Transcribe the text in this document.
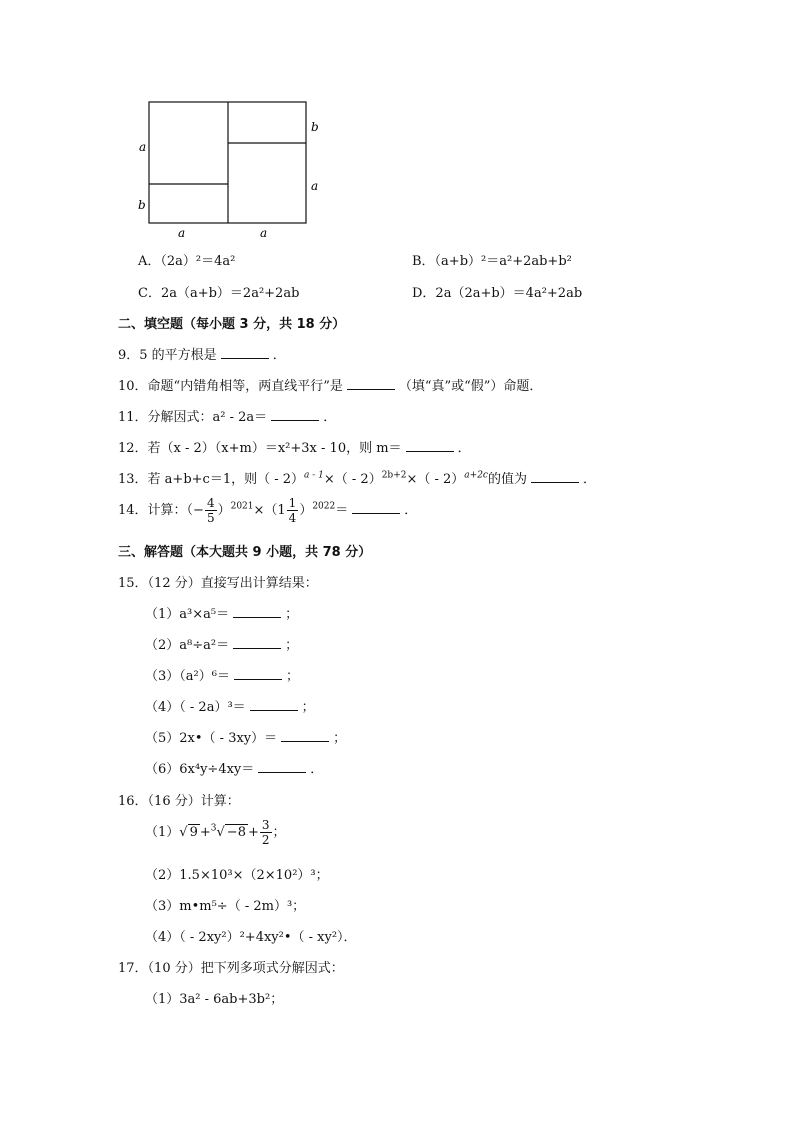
a
b
b
a
a	a
A．（2a）²＝4a²	B．（a+b）²＝a²+2ab+b²
C．2a（a+b）＝2a²+2ab	D．2a（2a+b）＝4a²+2ab
二、填空题（每小题 3 分，共 18 分）
9．5 的平方根是	．
10．命题“内错角相等，两直线平行”是	（填“真”或“假”）命题．
11．分解因式：a² - 2a＝	．
12．若（x - 2）（x+m）＝x²+3x - 10，则 m＝	．
13．若 a+b+c＝1，则（ - 2）$^{a - 1}$×（ - 2）$^{2b+2}$×（ - 2）$^{a+2c}$的值为	．
14．计算：（− $\frac{4}{5} )^{2021}\times(1 \frac{1}{4} )^{2022}=$	．
三、解答题（本大题共 9 小题，共 78 分）
15．（12 分）直接写出计算结果：
（1）a³×a⁵＝	；
（2）a⁸÷a²＝	；
（3）（a²）⁶＝	；
（4）（ - 2a）³＝	；
（5）2x•（ - 3xy）＝	；
（6）6x⁴y÷4xy＝	．
16．（16 分）计算：
（1）√ $9 +^3√ -8 + \frac{3}{2}$ ；
（2）1.5×10³×（2×10²）³；
（3）m•m⁵÷（ - 2m）³；
（4）（ - 2xy²）²+4xy²•（ - xy²）．
17．（10 分）把下列多项式分解因式：
（1）3a² - 6ab+3b²；
